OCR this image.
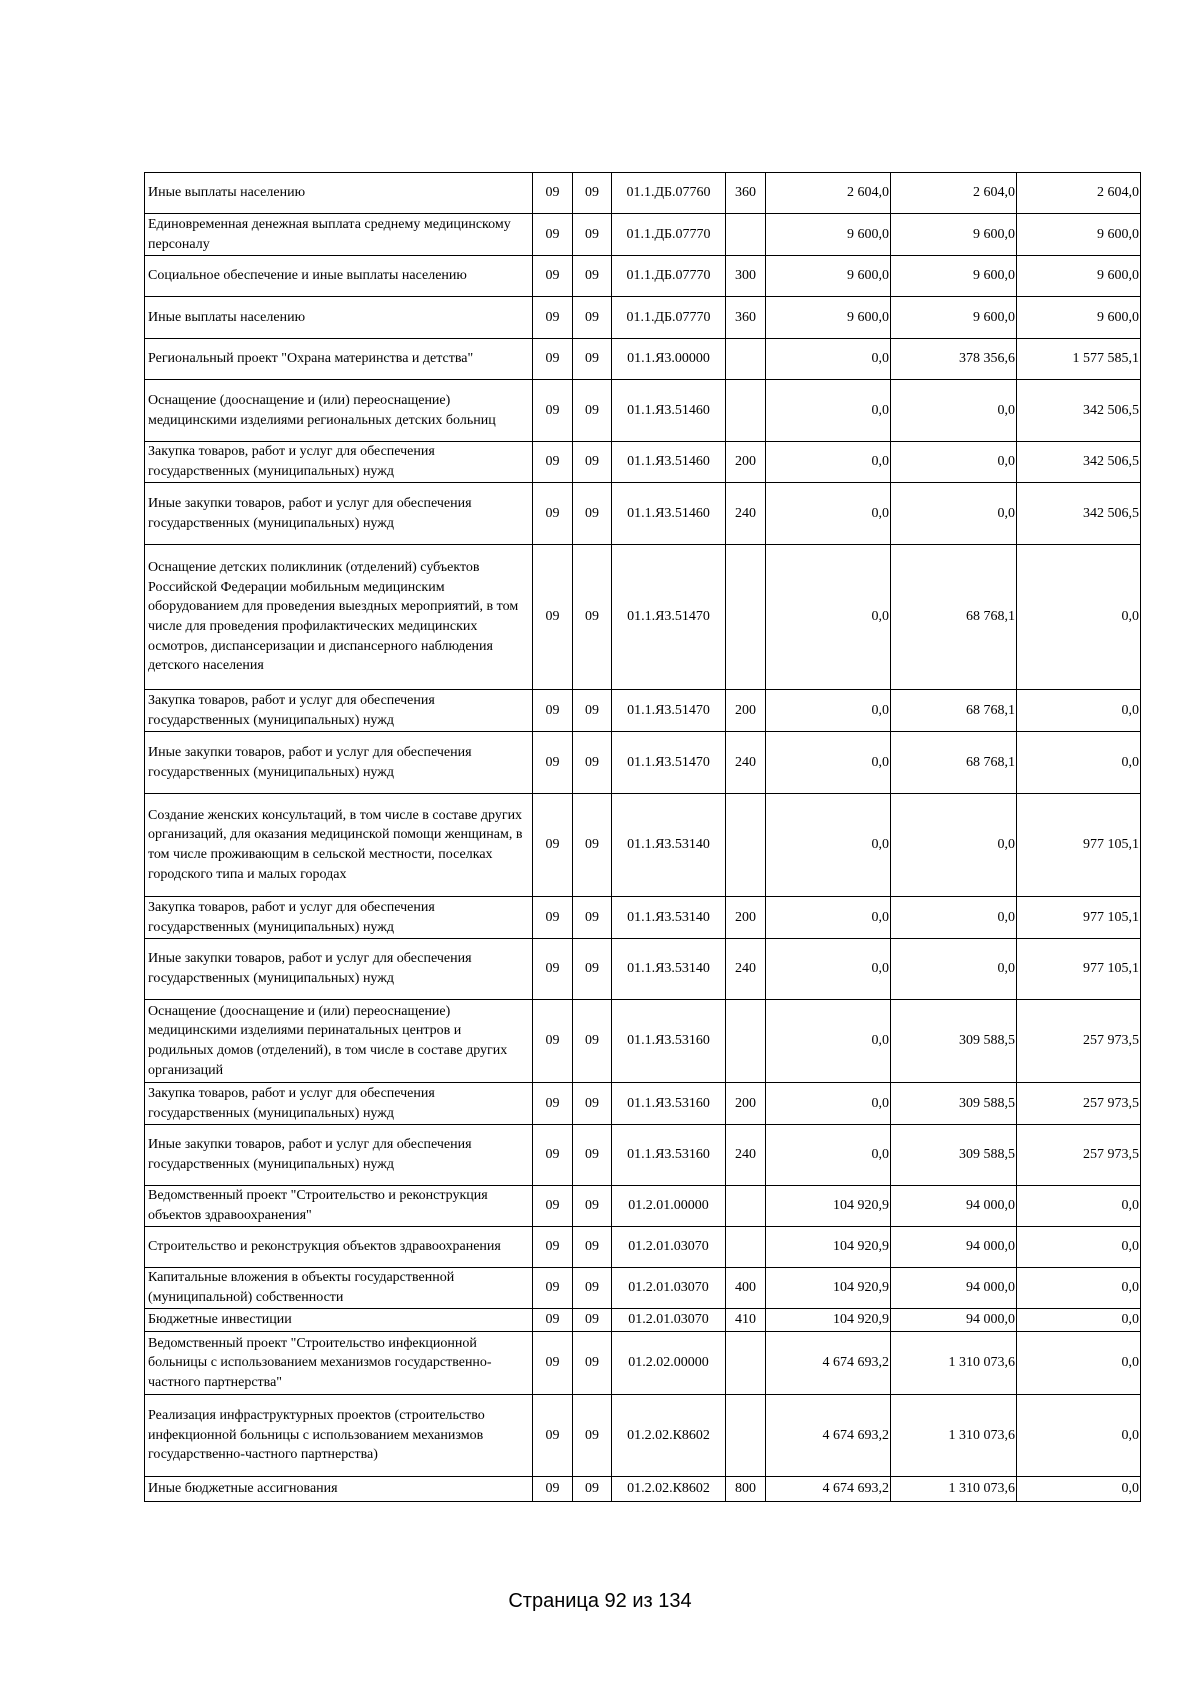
Иные выплаты населению	09	09	01.1.ДБ.07760	360	2 604,0	2 604,0	2 604,0
Единовременная денежная выплата среднему медицинскому персоналу	09	09	01.1.ДБ.07770		9 600,0	9 600,0	9 600,0
Социальное обеспечение и иные выплаты населению	09	09	01.1.ДБ.07770	300	9 600,0	9 600,0	9 600,0
Иные выплаты населению	09	09	01.1.ДБ.07770	360	9 600,0	9 600,0	9 600,0
Региональный проект "Охрана материнства и детства"	09	09	01.1.Я3.00000		0,0	378 356,6	1 577 585,1
Оснащение (дооснащение и (или) переоснащение) медицинскими изделиями региональных детских больниц	09	09	01.1.Я3.51460		0,0	0,0	342 506,5
Закупка товаров, работ и услуг для обеспечения государственных (муниципальных) нужд	09	09	01.1.Я3.51460	200	0,0	0,0	342 506,5
Иные закупки товаров, работ и услуг для обеспечения государственных (муниципальных) нужд	09	09	01.1.Я3.51460	240	0,0	0,0	342 506,5
Оснащение детских поликлиник (отделений) субъектов Российской Федерации мобильным медицинским оборудованием для проведения выездных мероприятий, в том числе для проведения профилактических медицинских осмотров, диспансеризации и диспансерного наблюдения детского населения	09	09	01.1.Я3.51470		0,0	68 768,1	0,0
Закупка товаров, работ и услуг для обеспечения государственных (муниципальных) нужд	09	09	01.1.Я3.51470	200	0,0	68 768,1	0,0
Иные закупки товаров, работ и услуг для обеспечения государственных (муниципальных) нужд	09	09	01.1.Я3.51470	240	0,0	68 768,1	0,0
Создание женских консультаций, в том числе в составе других организаций, для оказания медицинской помощи женщинам, в том числе проживающим в сельской местности, поселках городского типа и малых городах	09	09	01.1.Я3.53140		0,0	0,0	977 105,1
Закупка товаров, работ и услуг для обеспечения государственных (муниципальных) нужд	09	09	01.1.Я3.53140	200	0,0	0,0	977 105,1
Иные закупки товаров, работ и услуг для обеспечения государственных (муниципальных) нужд	09	09	01.1.Я3.53140	240	0,0	0,0	977 105,1
Оснащение (дооснащение и (или) переоснащение) медицинскими изделиями перинатальных центров и родильных домов (отделений), в том числе в составе других организаций	09	09	01.1.Я3.53160		0,0	309 588,5	257 973,5
Закупка товаров, работ и услуг для обеспечения государственных (муниципальных) нужд	09	09	01.1.Я3.53160	200	0,0	309 588,5	257 973,5
Иные закупки товаров, работ и услуг для обеспечения государственных (муниципальных) нужд	09	09	01.1.Я3.53160	240	0,0	309 588,5	257 973,5
Ведомственный проект "Строительство и реконструкция объектов здравоохранения"	09	09	01.2.01.00000		104 920,9	94 000,0	0,0
Строительство и реконструкция объектов здравоохранения	09	09	01.2.01.03070		104 920,9	94 000,0	0,0
Капитальные вложения в объекты государственной (муниципальной) собственности	09	09	01.2.01.03070	400	104 920,9	94 000,0	0,0
Бюджетные инвестиции	09	09	01.2.01.03070	410	104 920,9	94 000,0	0,0
Ведомственный проект "Строительство инфекционной больницы с использованием механизмов государственно-частного партнерства"	09	09	01.2.02.00000		4 674 693,2	1 310 073,6	0,0
Реализация инфраструктурных проектов (строительство инфекционной больницы с использованием механизмов государственно-частного партнерства)	09	09	01.2.02.К8602		4 674 693,2	1 310 073,6	0,0
Иные бюджетные ассигнования	09	09	01.2.02.К8602	800	4 674 693,2	1 310 073,6	0,0
Страница 92 из 134
